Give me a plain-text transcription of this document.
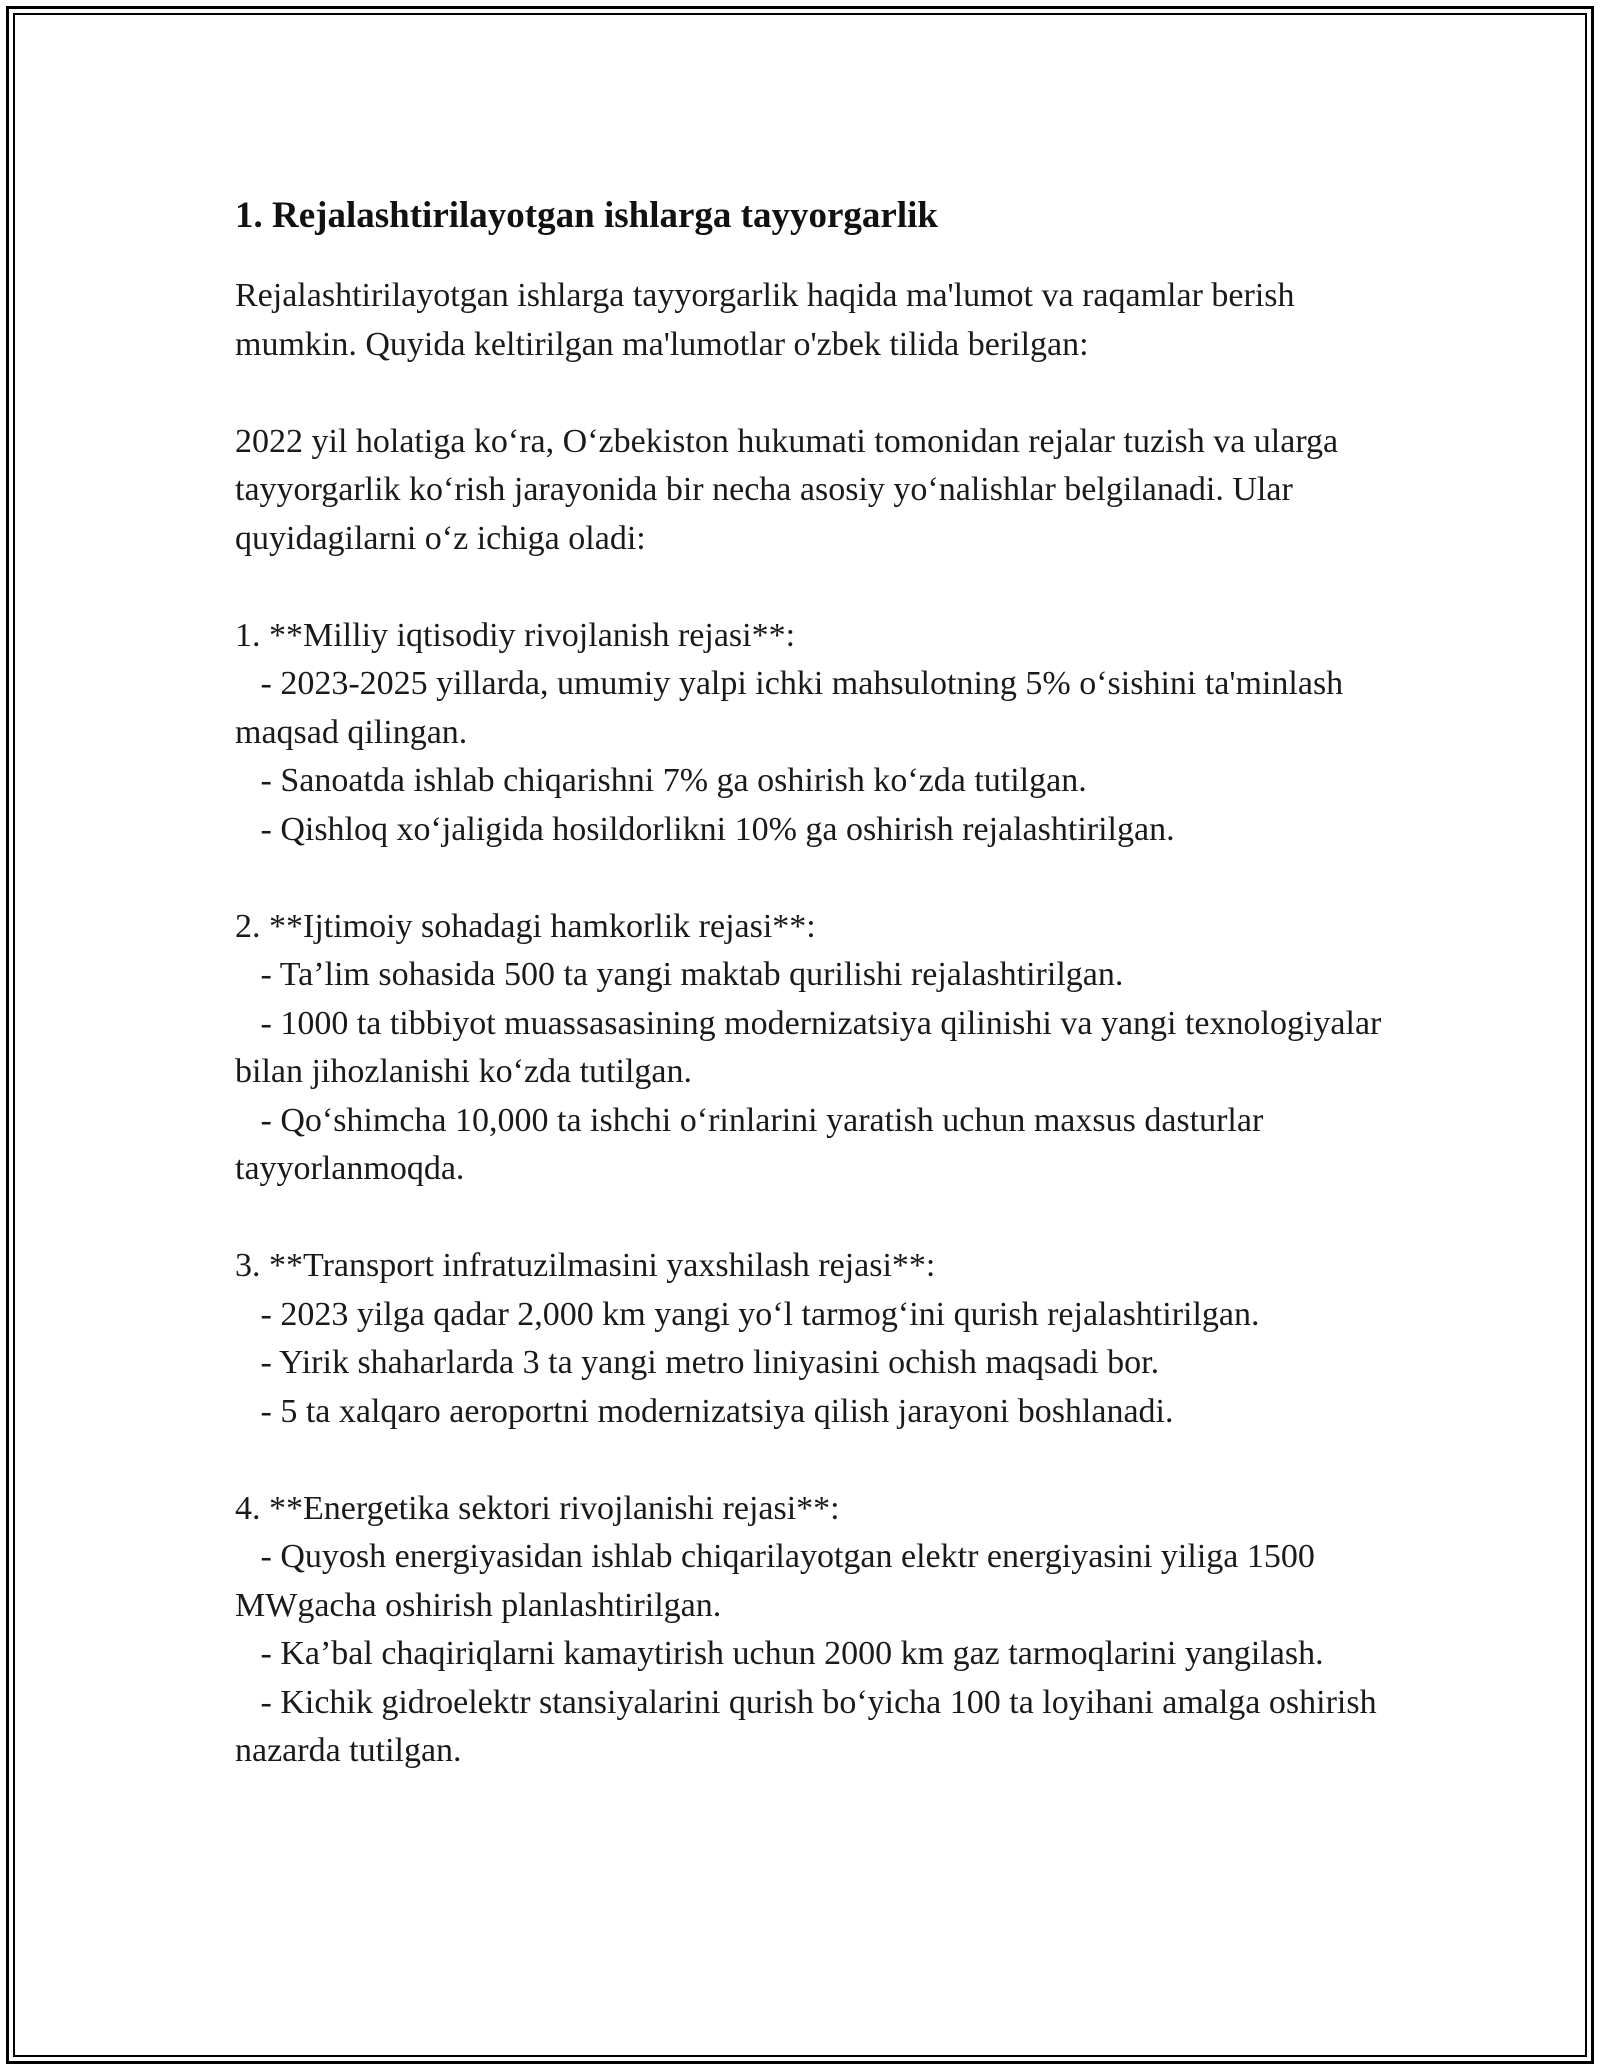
1. Rejalashtirilayotgan ishlarga tayyorgarlik

Rejalashtirilayotgan ishlarga tayyorgarlik haqida ma'lumot va raqamlar berish mumkin. Quyida keltirilgan ma'lumotlar o'zbek tilida berilgan:

2022 yil holatiga ko‘ra, O‘zbekiston hukumati tomonidan rejalar tuzish va ularga tayyorgarlik ko‘rish jarayonida bir necha asosiy yo‘nalishlar belgilanadi. Ular quyidagilarni o‘z ichiga oladi:

1. **Milliy iqtisodiy rivojlanish rejasi**:

- 2023-2025 yillarda, umumiy yalpi ichki mahsulotning 5% o‘sishini ta'minlash maqsad qilingan.

- Sanoatda ishlab chiqarishni 7% ga oshirish ko‘zda tutilgan.

- Qishloq xo‘jaligida hosildorlikni 10% ga oshirish rejalashtirilgan.

2. **Ijtimoiy sohadagi hamkorlik rejasi**:

- Ta’lim sohasida 500 ta yangi maktab qurilishi rejalashtirilgan.

- 1000 ta tibbiyot muassasasining modernizatsiya qilinishi va yangi texnologiyalar bilan jihozlanishi ko‘zda tutilgan.

- Qo‘shimcha 10,000 ta ishchi o‘rinlarini yaratish uchun maxsus dasturlar tayyorlanmoqda.

3. **Transport infratuzilmasini yaxshilash rejasi**:

- 2023 yilga qadar 2,000 km yangi yo‘l tarmog‘ini qurish rejalashtirilgan.

- Yirik shaharlarda 3 ta yangi metro liniyasini ochish maqsadi bor.

- 5 ta xalqaro aeroportni modernizatsiya qilish jarayoni boshlanadi.

4. **Energetika sektori rivojlanishi rejasi**:

- Quyosh energiyasidan ishlab chiqarilayotgan elektr energiyasini yiliga 1500 MWgacha oshirish planlashtirilgan.

- Ka’bal chaqiriqlarni kamaytirish uchun 2000 km gaz tarmoqlarini yangilash.

- Kichik gidroelektr stansiyalarini qurish bo‘yicha 100 ta loyihani amalga oshirish nazarda tutilgan.
